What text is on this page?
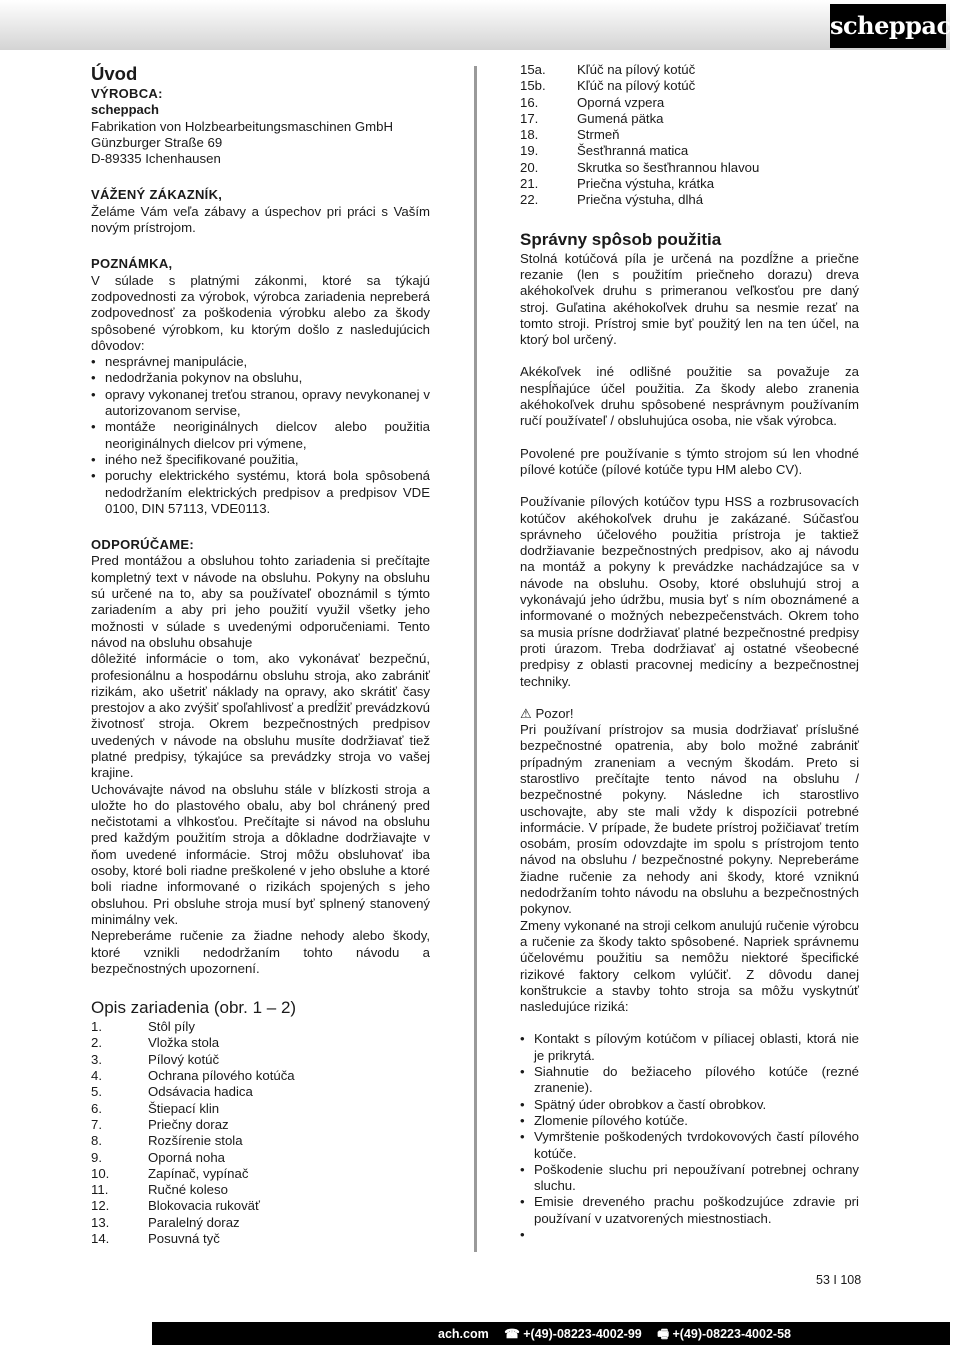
scheppach
Úvod
VÝROBCA:
scheppach
Fabrikation von Holzbearbeitungsmaschinen GmbH
Günzburger Straße 69
D-89335 Ichenhausen
VÁŽENÝ ZÁKAZNÍK,

Želáme Vám veľa zábavy a úspechov pri práci s Vaším novým prístrojom.

POZNÁMKA,

V súlade s platnými zákonmi, ktoré sa týkajú zodpovednosti za výrobok, výrobca zariadenia nepreberá zodpovednosť za poškodenia výrobku alebo za škody spôsobené výrobkom, ku ktorým došlo z nasledujúcich dôvodov:

• nesprávnej manipulácie,
• nedodržania pokynov na obsluhu,
• opravy vykonanej treťou stranou, opravy nevykonanej v autorizovanom servise,
• montáže neoriginálnych dielcov alebo použitia neoriginálnych dielcov pri výmene,
• iného než špecifikované použitia,
• poruchy elektrického systému, ktorá bola spôsobená nedodržaním elektrických predpisov a predpisov VDE 0100, DIN 57113, VDE0113.
ODPORÚČAME:

Pred montážou a obsluhou tohto zariadenia si prečítajte kompletný text v návode na obsluhu. Pokyny na obsluhu sú určené na to, aby sa používateľ oboznámil s týmto zariadením a aby pri jeho použití využil všetky jeho možnosti v súlade s uvedenými odporučeniami. Tento návod na obsluhu obsahuje

dôležité informácie o tom, ako vykonávať bezpečnú, profesionálnu a hospodárnu obsluhu stroja, ako zabrániť rizikám, ako ušetriť náklady na opravy, ako skrátiť časy prestojov a ako zvýšiť spoľahlivosť a predĺžiť prevádzkovú životnosť stroja. Okrem bezpečnostných predpisov uvedených v návode na obsluhu musíte dodržiavať tiež platné predpisy, týkajúce sa prevádzky stroja vo vašej krajine.

Uchovávajte návod na obsluhu stále v blízkosti stroja a uložte ho do plastového obalu, aby bol chránený pred nečistotami a vlhkosťou. Prečítajte si návod na obsluhu pred každým použitím stroja a dôkladne dodržiavajte v ňom uvedené informácie. Stroj môžu obsluhovať iba osoby, ktoré boli riadne preškolené v jeho obsluhe a ktoré boli riadne informované o rizikách spojených s jeho obsluhou. Pri obsluhe stroja musí byť splnený stanovený minimálny vek.

Nepreberáme ručenie za žiadne nehody alebo škody, ktoré vznikli nedodržaním tohto návodu a bezpečnostných upozornení.

Opis zariadenia (obr. 1 – 2)
1.	Stôl píly
2.	Vložka stola
3.	Pílový kotúč
4.	Ochrana pílového kotúča
5.	Odsávacia hadica
6.	Štiepací klin
7.	Priečny doraz
8.	Rozšírenie stola
9.	Oporná noha
10.	Zapínač, vypínač
11.	Ručné koleso
12.	Blokovacia rukoväť
13.	Paralelný doraz
14.	Posuvná tyč
15a.	Kľúč na pílový kotúč
15b.	Kľúč na pílový kotúč
16.	Oporná vzpera
17.	Gumená pätka
18.	Strmeň
19.	Šesťhranná matica
20.	Skrutka so šesťhrannou hlavou
21.	Priečna výstuha, krátka
22.	Priečna výstuha, dlhá
Správny spôsob použitia

Stolná kotúčová píla je určená na pozdĺžne a priečne rezanie (len s použitím priečneho dorazu) dreva akéhokoľvek druhu s primeranou veľkosťou pre daný stroj. Guľatina akéhokoľvek druhu sa nesmie rezať na tomto stroji. Prístroj smie byť použitý len na ten účel, na ktorý bol určený.

Akékoľvek iné odlišné použitie sa považuje za nespĺňajúce účel použitia. Za škody alebo zranenia akéhokoľvek druhu spôsobené nesprávnym používaním ručí používateľ / obsluhujúca osoba, nie však výrobca.

Povolené pre používanie s týmto strojom sú len vhodné pílové kotúče (pílové kotúče typu HM alebo CV).

Používanie pílových kotúčov typu HSS a rozbrusovacích kotúčov akéhokoľvek druhu je zakázané. Súčasťou správneho účelového použitia prístroja je taktiež dodržiavanie bezpečnostných predpisov, ako aj návodu na montáž a pokyny k prevádzke nachádzajúce sa v návode na obsluhu. Osoby, ktoré obsluhujú stroj a vykonávajú jeho údržbu, musia byť s ním oboznámené a informované o možných nebezpečenstvách. Okrem toho sa musia prísne dodržiavať platné bezpečnostné predpisy proti úrazom. Treba dodržiavať aj ostatné všeobecné predpisy z oblasti pracovnej medicíny a bezpečnostnej techniky.

⚠ Pozor!

Pri používaní prístrojov sa musia dodržiavať príslušné bezpečnostné opatrenia, aby bolo možné zabrániť prípadným zraneniam a vecným škodám. Preto si starostlivo prečítajte tento návod na obsluhu / bezpečnostné pokyny. Následne ich starostlivo uschovajte, aby ste mali vždy k dispozícii potrebné informácie. V prípade, že budete prístroj požičiavať tretím osobám, prosím odovzdajte im spolu s prístrojom tento návod na obsluhu / bezpečnostné pokyny. Nepreberáme žiadne ručenie za nehody ani škody, ktoré vzniknú nedodržaním tohto návodu na obsluhu a bezpečnostných pokynov.

Zmeny vykonané na stroji celkom anulujú ručenie výrobcu a ručenie za škody takto spôsobené. Napriek správnemu účelovému použitiu sa nemôžu niektoré špecifické rizikové faktory celkom vylúčiť. Z dôvodu danej konštrukcie a stavby tohto stroja sa môžu vyskytnúť nasledujúce riziká:

• Kontakt s pílovým kotúčom v píliacej oblasti, ktorá nie je prikrytá.
• Siahnutie do bežiaceho pílového kotúče (rezné zranenie).
• Spätný úder obrobkov a častí obrobkov.
• Zlomenie pílového kotúče.
• Vymrštenie poškodených tvrdokovových častí pílového kotúče.
• Poškodenie sluchu pri nepoužívaní potrebnej ochrany sluchu.
• Emisie dreveného prachu poškodzujúce zdravie pri používaní v uzatvorených miestnostiach.
•
53 I 108
ach.com ☎ +(49)-08223-4002-99 🖷 +(49)-08223-4002-58
